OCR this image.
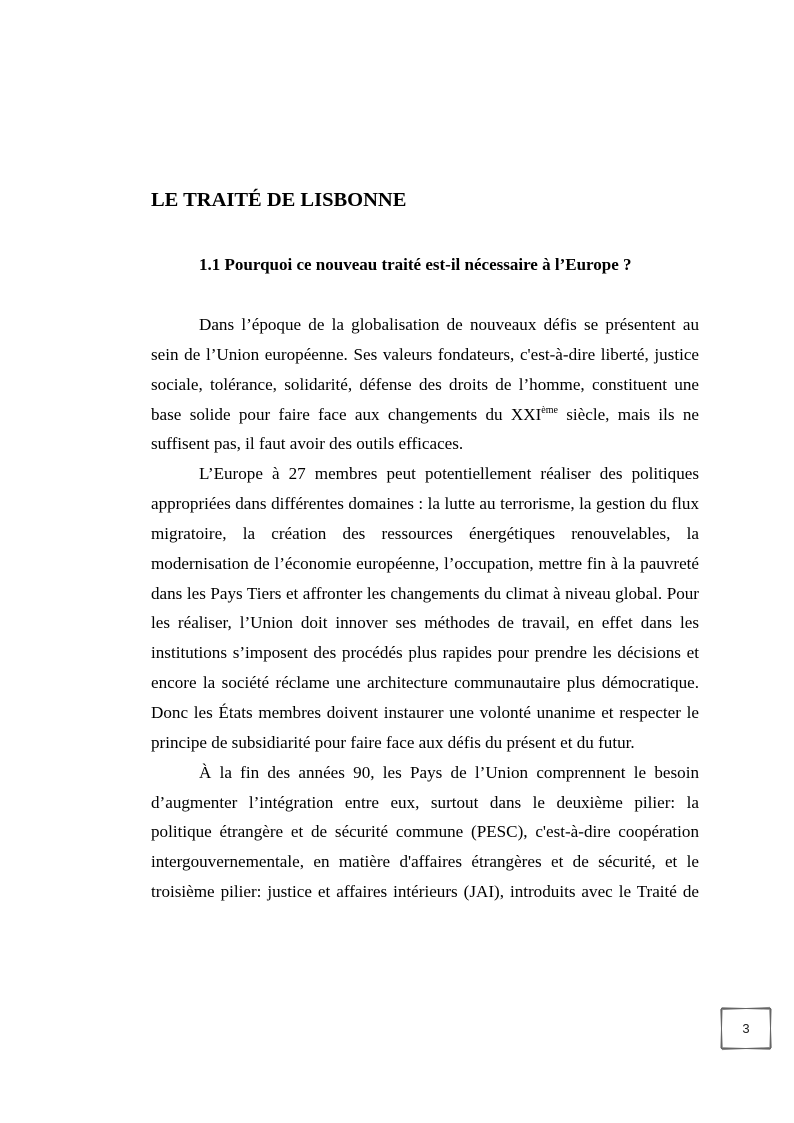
LE TRAITÉ DE LISBONNE
1.1 Pourquoi ce nouveau traité est-il nécessaire à l’Europe ?

Dans l’époque de la globalisation de nouveaux défis se présentent au sein de l’Union européenne. Ses valeurs fondateurs, c'est-à-dire liberté, justice sociale, tolérance, solidarité, défense des droits de l’homme, constituent une base solide pour faire face aux changements du XXIème siècle, mais ils ne suffisent pas, il faut avoir des outils efficaces.

L’Europe à 27 membres peut potentiellement réaliser des politiques appropriées dans différentes domaines : la lutte au terrorisme, la gestion du flux migratoire, la création des ressources énergétiques renouvelables, la modernisation de l’économie européenne, l’occupation, mettre fin à la pauvreté dans les Pays Tiers et affronter les changements du climat à niveau global. Pour les réaliser, l’Union doit innover ses méthodes de travail, en effet dans les institutions s’imposent des procédés plus rapides pour prendre les décisions et encore la société réclame une architecture communautaire plus démocratique. Donc les États membres doivent instaurer une volonté unanime et respecter le principe de subsidiarité pour faire face aux défis du présent et du futur.

À la fin des années 90, les Pays de l’Union comprennent le besoin d’augmenter l’intégration entre eux, surtout dans le deuxième pilier: la politique étrangère et de sécurité commune (PESC), c'est-à-dire coopération intergouvernementale, en matière d'affaires étrangères et de sécurité, et le troisième pilier: justice et affaires intérieurs (JAI), introduits avec le Traité de

3
